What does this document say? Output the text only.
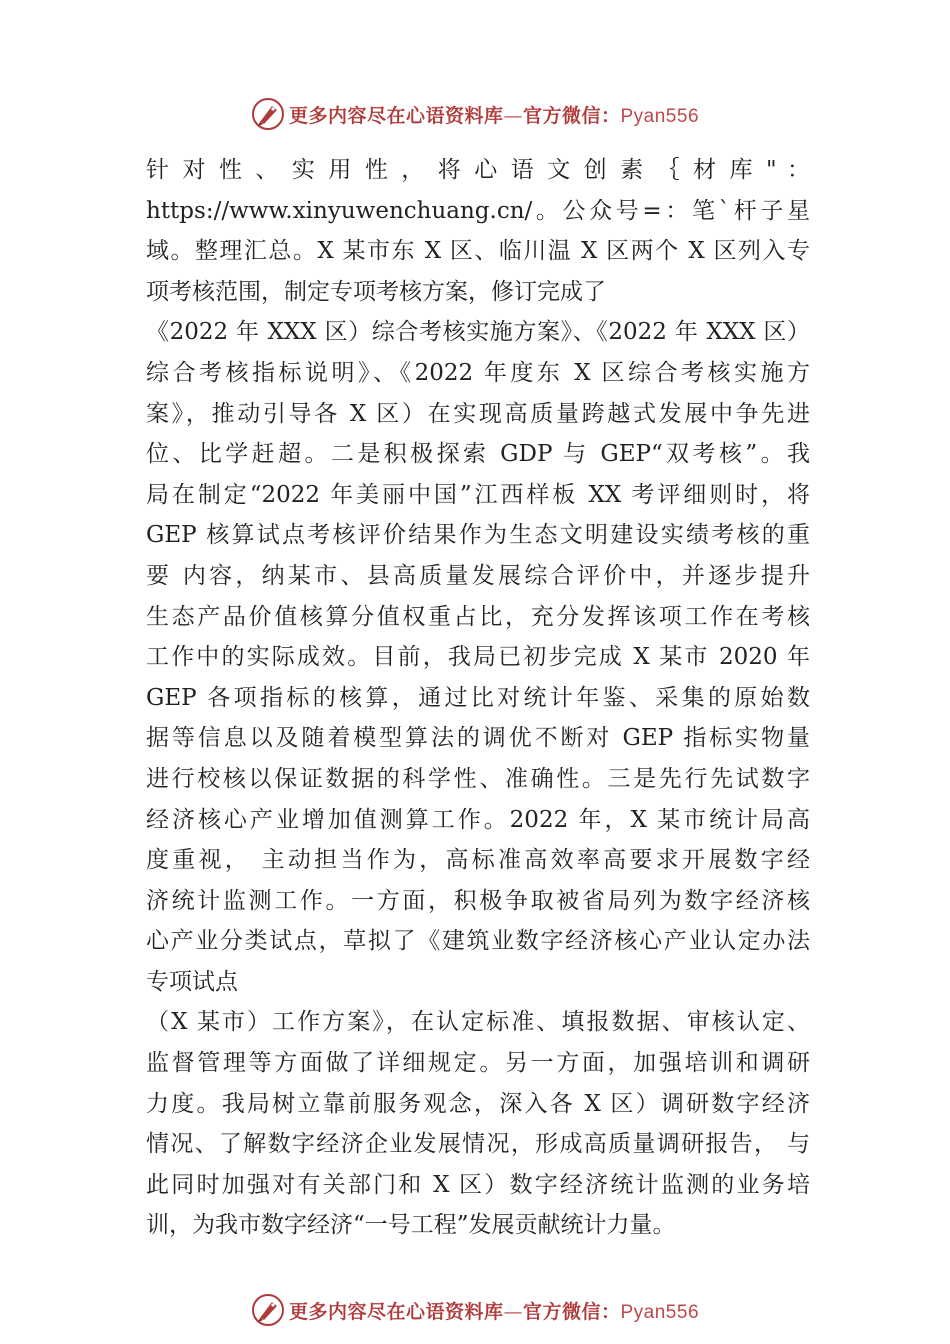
更多内容尽在心语资料库—官方微信：Pyan556
针 对 性 、 实 用 性 ， 将 心 语 文 创 素 ｛ 材 库 " ：
https://www.xinyuwenchuang.cn/。公众号=：笔`杆子星
域。整理汇总。X 某市东 X 区、临川温 X 区两个 X 区列入专
项考核范围，制定专项考核方案，修订完成了
《2022 年 XXX 区）综合考核实施方案》、《2022 年 XXX 区）
综合考核指标说明》、《2022 年度东 X 区综合考核实施方
案》，推动引导各 X 区）在实现高质量跨越式发展中争先进
位、比学赶超。二是积极探索 GDP 与 GEP“双考核”。我
局在制定“2022 年美丽中国”江西样板 XX 考评细则时，将
GEP 核算试点考核评价结果作为生态文明建设实绩考核的重
要 内容，纳某市、县高质量发展综合评价中，并逐步提升
生态产品价值核算分值权重占比，充分发挥该项工作在考核
工作中的实际成效。目前，我局已初步完成 X 某市 2020 年
GEP 各项指标的核算，通过比对统计年鉴、采集的原始数
据等信息以及随着模型算法的调优不断对 GEP 指标实物量
进行校核以保证数据的科学性、准确性。三是先行先试数字
经济核心产业增加值测算工作。2022 年，X 某市统计局高
度重视， 主动担当作为，高标准高效率高要求开展数字经
济统计监测工作。一方面，积极争取被省局列为数字经济核
心产业分类试点，草拟了《建筑业数字经济核心产业认定办法
专项试点
（X 某市）工作方案》，在认定标准、填报数据、审核认定、
监督管理等方面做了详细规定。另一方面，加强培训和调研
力度。我局树立靠前服务观念，深入各 X 区）调研数字经济
情况、了解数字经济企业发展情况，形成高质量调研报告， 与
此同时加强对有关部门和 X 区）数字经济统计监测的业务培
训，为我市数字经济“一号工程”发展贡献统计力量。
更多内容尽在心语资料库—官方微信：Pyan556
